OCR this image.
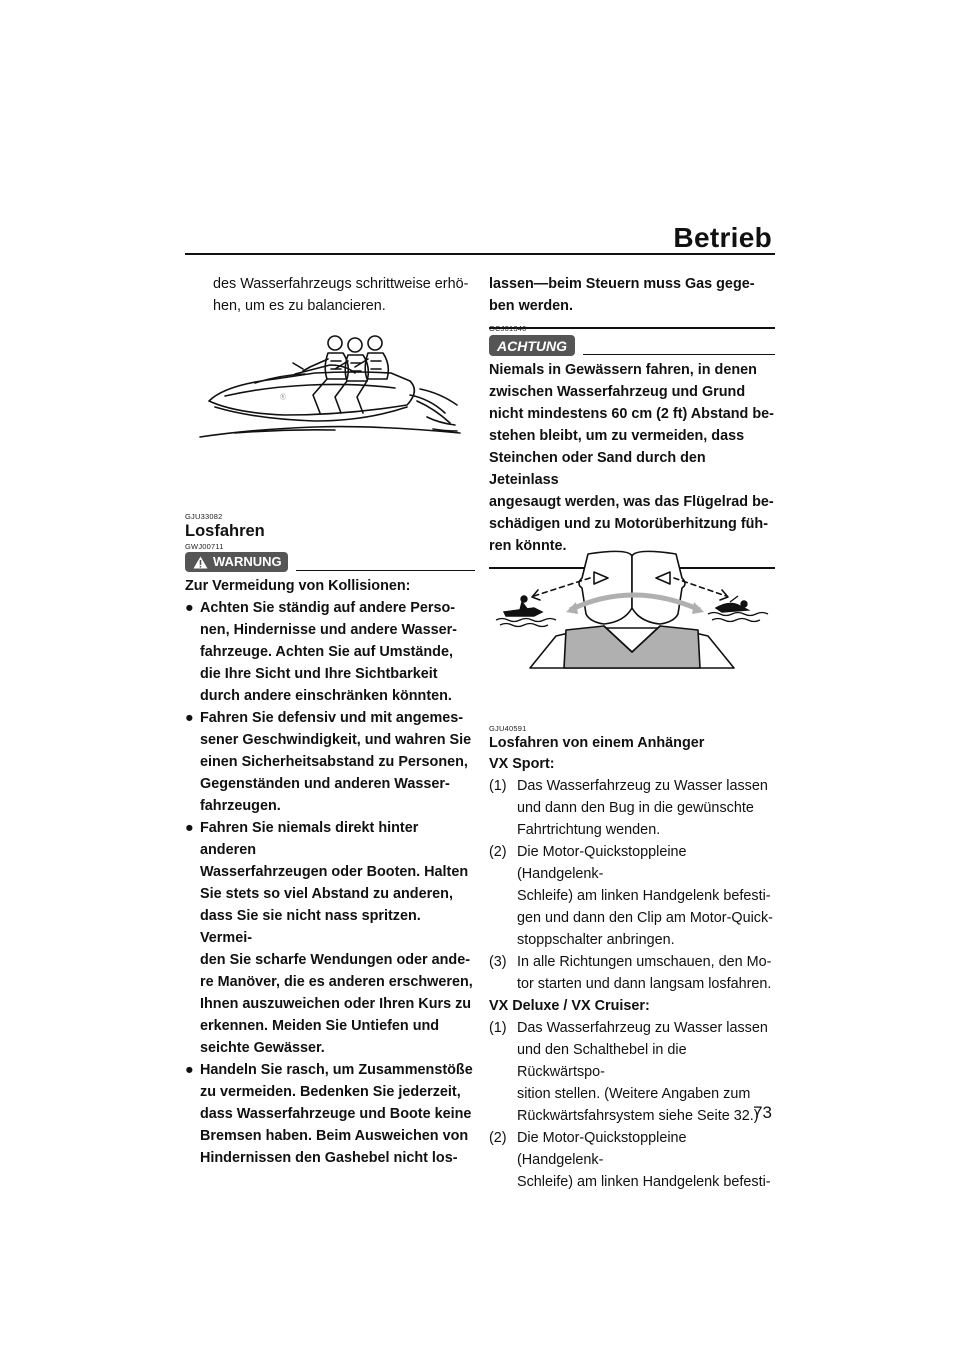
Betrieb

des Wasserfahrzeugs schrittweise erhö-

hen, um es zu balancieren.

Ⓨ
GJU33082
Losfahren
GWJ00711
WARNUNG
Zur Vermeidung von Kollisionen:
● Achten Sie ständig auf andere Perso-
nen, Hindernisse und andere Wasser-
fahrzeuge. Achten Sie auf Umstände,
die Ihre Sicht und Ihre Sichtbarkeit
durch andere einschränken könnten.
● Fahren Sie defensiv und mit angemes-
sener Geschwindigkeit, und wahren Sie
einen Sicherheitsabstand zu Personen,
Gegenständen und anderen Wasser-
fahrzeugen.
● Fahren Sie niemals direkt hinter anderen
Wasserfahrzeugen oder Booten. Halten
Sie stets so viel Abstand zu anderen,
dass Sie sie nicht nass spritzen. Vermei-
den Sie scharfe Wendungen oder ande-
re Manöver, die es anderen erschweren,
Ihnen auszuweichen oder Ihren Kurs zu
erkennen. Meiden Sie Untiefen und
seichte Gewässer.
● Handeln Sie rasch, um Zusammenstöße
zu vermeiden. Bedenken Sie jederzeit,
dass Wasserfahrzeuge und Boote keine
Bremsen haben. Beim Ausweichen von
Hindernissen den Gashebel nicht los-

lassen—beim Steuern muss Gas gege-

ben werden.

GCJ01340
ACHTUNG
Niemals in Gewässern fahren, in denen
zwischen Wasserfahrzeug und Grund
nicht mindestens 60 cm (2 ft) Abstand be-
stehen bleibt, um zu vermeiden, dass
Steinchen oder Sand durch den Jeteinlass
angesaugt werden, was das Flügelrad be-
schädigen und zu Motorüberhitzung füh-
ren könnte.
GJU40591
Losfahren von einem Anhänger
VX Sport:
(1) Das Wasserfahrzeug zu Wasser lassen
und dann den Bug in die gewünschte
Fahrtrichtung wenden.
(2) Die Motor-Quickstoppleine (Handgelenk-
Schleife) am linken Handgelenk befesti-
gen und dann den Clip am Motor-Quick-
stoppschalter anbringen.
(3) In alle Richtungen umschauen, den Mo-
tor starten und dann langsam losfahren.
VX Deluxe / VX Cruiser:
(1) Das Wasserfahrzeug zu Wasser lassen
und den Schalthebel in die Rückwärtspo-
sition stellen. (Weitere Angaben zum
Rückwärtsfahrsystem siehe Seite 32.)
(2) Die Motor-Quickstoppleine (Handgelenk-
Schleife) am linken Handgelenk befesti-
73
